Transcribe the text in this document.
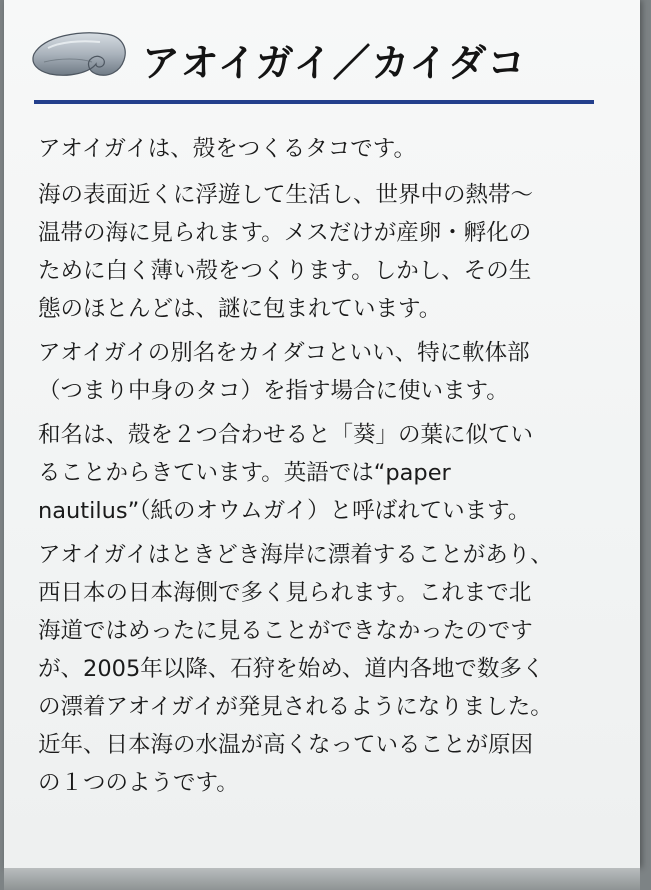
アオイガイ／カイダコ

アオイガイは、殻をつくるタコです。

海の表面近くに浮遊して生活し、世界中の熱帯〜
温帯の海に見られます。メスだけが産卵・孵化の
ために白く薄い殻をつくります。しかし、その生
態のほとんどは、謎に包まれています。

アオイガイの別名をカイダコといい、特に軟体部
（つまり中身のタコ）を指す場合に使います。

和名は、殻を２つ合わせると「葵」の葉に似てい
ることからきています。英語では“paper
nautilus”（紙のオウムガイ）と呼ばれています。

アオイガイはときどき海岸に漂着することがあり、
西日本の日本海側で多く見られます。これまで北
海道ではめったに見ることができなかったのです
が、2005年以降、石狩を始め、道内各地で数多く
の漂着アオイガイが発見されるようになりました。
近年、日本海の水温が高くなっていることが原因
の１つのようです。
